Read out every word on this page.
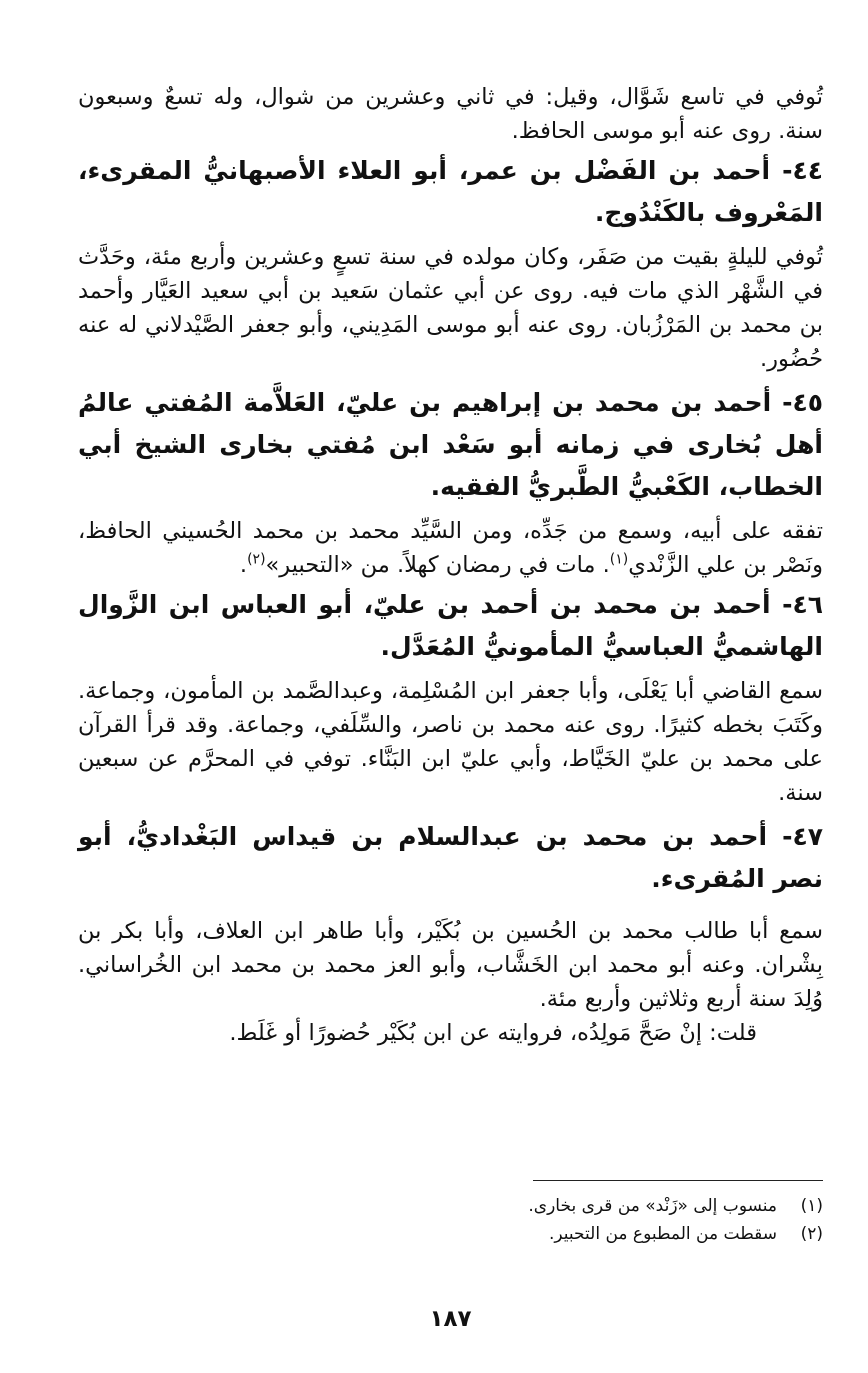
تُوفي في تاسع شَوَّال، وقيل: في ثاني وعشرين من شوال، وله تسعٌ وسبعون سنة. روى عنه أبو موسى الحافظ.

٤٤- أحمد بن الفَضْل بن عمر، أبو العلاء الأصبهانيُّ المقرىء، المَعْروف بالكَنْدُوج.

تُوفي لليلةٍ بقيت من صَفَر، وكان مولده في سنة تسعٍ وعشرين وأربع مئة، وحَدَّث في الشَّهْر الذي مات فيه. روى عن أبي عثمان سَعيد بن أبي سعيد العَيَّار وأحمد بن محمد بن المَرْزُبان. روى عنه أبو موسى المَدِيني، وأبو جعفر الصَّيْدلاني له عنه حُضُور.

٤٥- أحمد بن محمد بن إبراهيم بن عليّ، العَلاَّمة المُفتي عالمُ أهل بُخارى في زمانه أبو سَعْد ابن مُفتي بخارى الشيخ أبي الخطاب، الكَعْبيُّ الطَّبريُّ الفقيه.

تفقه على أبيه، وسمع من جَدِّه، ومن السَّيِّد محمد بن محمد الحُسيني الحافظ، ونَصْر بن علي الزَّنْدي$^{(١)}$. مات في رمضان كهلاً. من «التحبير»$^{(٢)}$.

٤٦- أحمد بن محمد بن أحمد بن عليّ، أبو العباس ابن الزَّوال الهاشميُّ العباسيُّ المأمونيُّ المُعَدَّل.

سمع القاضي أبا يَعْلَى، وأبا جعفر ابن المُسْلِمة، وعبدالصَّمد بن المأمون، وجماعة. وكَتَبَ بخطه كثيرًا. روى عنه محمد بن ناصر، والسِّلَفي، وجماعة. وقد قرأ القرآن على محمد بن عليّ الخَيَّاط، وأبي عليّ ابن البَنَّاء. توفي في المحرَّم عن سبعين سنة.

٤٧- أحمد بن محمد بن عبدالسلام بن قيداس البَغْداديُّ، أبو نصر المُقرىء.

سمع أبا طالب محمد بن الحُسين بن بُكَيْر، وأبا طاهر ابن العلاف، وأبا بكر بن بِشْران. وعنه أبو محمد ابن الخَشَّاب، وأبو العز محمد بن محمد ابن الخُراساني. وُلِدَ سنة أربع وثلاثين وأربع مئة.

قلت: إنْ صَحَّ مَولِدُه، فروايته عن ابن بُكَيْر حُضورًا أو غَلَط.

(١)منسوب إلى «زَنْد» من قرى بخارى.

(٢)سقطت من المطبوع من التحبير.

١٨٧
